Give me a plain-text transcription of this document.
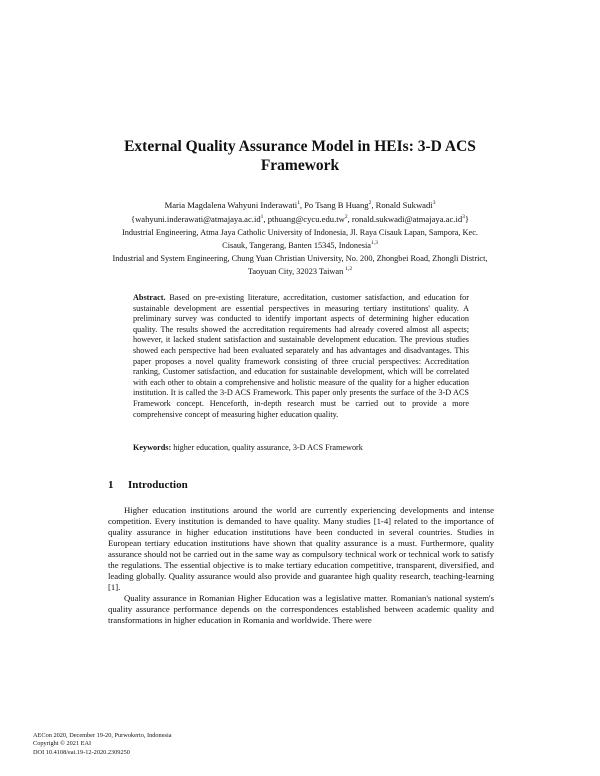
External Quality Assurance Model in HEIs: 3-D ACS Framework
Maria Magdalena Wahyuni Inderawati$^1$, Po Tsang B Huang$^2$, Ronald Sukwadi$^3$
{$wahyuni.inderawati@atmajaya.ac.id^1$, $pthuang@cycu.edu.tw^2$, $ronald.sukwadi@atmajaya.ac.id^3$}

Industrial Engineering, Atma Jaya Catholic University of Indonesia, Jl. Raya Cisauk Lapan, Sampora, Kec. Cisauk, Tangerang, Banten 15345, Indonesia$^{1,3}$

Industrial and System Engineering, Chung Yuan Christian University, No. 200, Zhongbei Road, Zhongli District, Taoyuan City, 32023 Taiwan $^{1,2}$

Abstract. Based on pre-existing literature, accreditation, customer satisfaction, and education for sustainable development are essential perspectives in measuring tertiary institutions' quality. A preliminary survey was conducted to identify important aspects of determining higher education quality. The results showed the accreditation requirements had already covered almost all aspects; however, it lacked student satisfaction and sustainable development education. The previous studies showed each perspective had been evaluated separately and has advantages and disadvantages. This paper proposes a novel quality framework consisting of three crucial perspectives: Accreditation ranking, Customer satisfaction, and education for sustainable development, which will be correlated with each other to obtain a comprehensive and holistic measure of the quality for a higher education institution. It is called the 3-D ACS Framework. This paper only presents the surface of the 3-D ACS Framework concept. Henceforth, in-depth research must be carried out to provide a more comprehensive concept of measuring higher education quality.
Keywords: higher education, quality assurance, 3-D ACS Framework
1 Introduction

Higher education institutions around the world are currently experiencing developments and intense competition. Every institution is demanded to have quality. Many studies [1-4] related to the importance of quality assurance in higher education institutions have been conducted in several countries. Studies in European tertiary education institutions have shown that quality assurance is a must. Furthermore, quality assurance should not be carried out in the same way as compulsory technical work or technical work to satisfy the regulations. The essential objective is to make tertiary education competitive, transparent, diversified, and leading globally. Quality assurance would also provide and guarantee high quality research, teaching-learning [1].

Quality assurance in Romanian Higher Education was a legislative matter. Romanian's national system's quality assurance performance depends on the correspondences established between academic quality and transformations in higher education in Romania and worldwide. There were

AECon 2020, December 19-20, Purwokerto, Indonesia
Copyright © 2021 EAI
DOI 10.4108/eai.19-12-2020.2309250
